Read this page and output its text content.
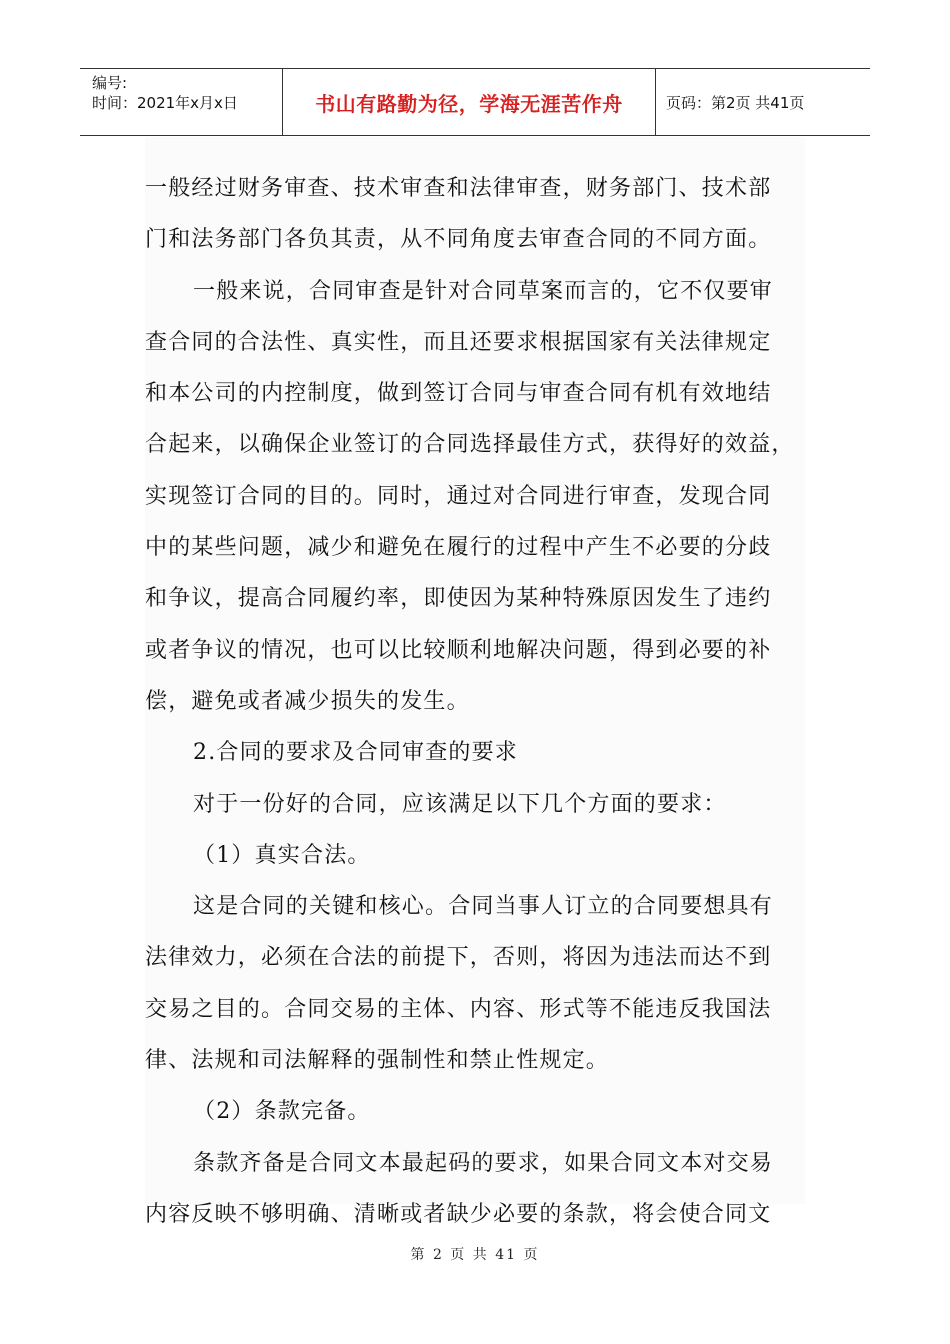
编号:
时间：2021年x月x日	书山有路勤为径，学海无涯苦作舟	页码：第2页 共41页

一般经过财务审查、技术审查和法律审查，财务部门、技术部
门和法务部门各负其责，从不同角度去审查合同的不同方面。

一般来说，合同审查是针对合同草案而言的，它不仅要审
查合同的合法性、真实性，而且还要求根据国家有关法律规定
和本公司的内控制度，做到签订合同与审查合同有机有效地结
合起来，以确保企业签订的合同选择最佳方式，获得好的效益，
实现签订合同的目的。同时，通过对合同进行审查，发现合同
中的某些问题，减少和避免在履行的过程中产生不必要的分歧
和争议，提高合同履约率，即使因为某种特殊原因发生了违约
或者争议的情况，也可以比较顺利地解决问题，得到必要的补
偿，避免或者减少损失的发生。

2.合同的要求及合同审查的要求

对于一份好的合同，应该满足以下几个方面的要求：

（1）真实合法。

这是合同的关键和核心。合同当事人订立的合同要想具有
法律效力，必须在合法的前提下，否则，将因为违法而达不到
交易之目的。合同交易的主体、内容、形式等不能违反我国法
律、法规和司法解释的强制性和禁止性规定。

（2）条款完备。

条款齐备是合同文本最起码的要求，如果合同文本对交易
内容反映不够明确、清晰或者缺少必要的条款，将会使合同文

第 2 页 共 41 页
